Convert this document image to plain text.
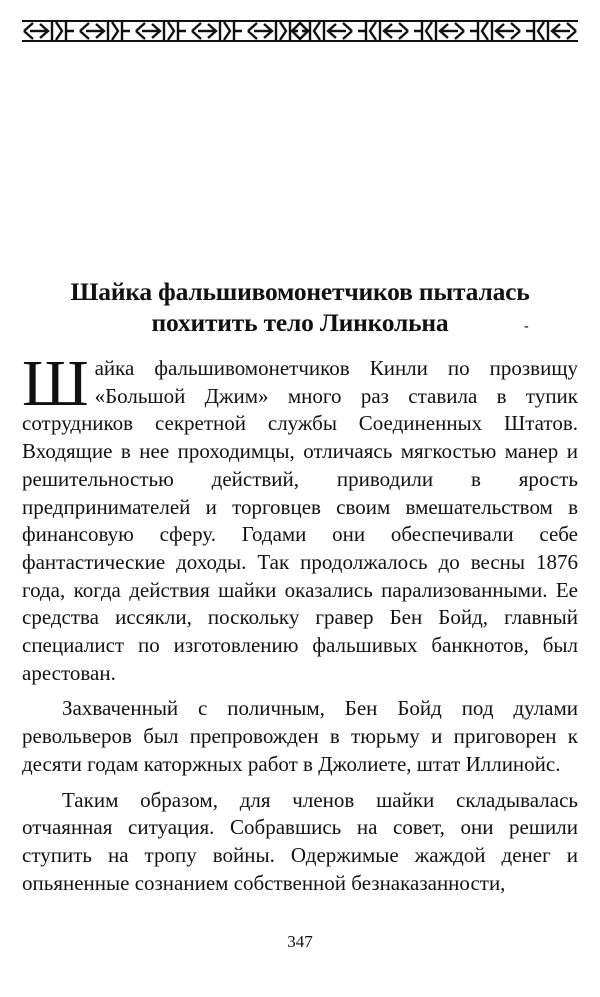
Шайка фальшивомонетчиков пыталась
похитить тело Линкольна	-

Шайка фальшивомонетчиков Кинли по прозвищу «Большой Джим» много раз ставила в тупик сотрудников секретной службы Соединенных Штатов. Входящие в нее проходимцы, отличаясь мягкостью манер и решительностью действий, приводили в ярость предпринимателей и торговцев своим вмешательством в финансовую сферу. Годами они обеспечивали себе фантастические доходы. Так продолжалось до весны 1876 года, когда действия шайки оказались парализованными. Ее средства иссякли, поскольку гравер Бен Бойд, главный специалист по изготовлению фальшивых банкнотов, был арестован.

Захваченный с поличным, Бен Бойд под дулами револьверов был препровожден в тюрьму и приговорен к десяти годам каторжных работ в Джолиете, штат Иллинойс.

Таким образом, для членов шайки складывалась отчаянная ситуация. Собравшись на совет, они решили ступить на тропу войны. Одержимые жаждой денег и опьяненные сознанием собственной безнаказанности,

347
